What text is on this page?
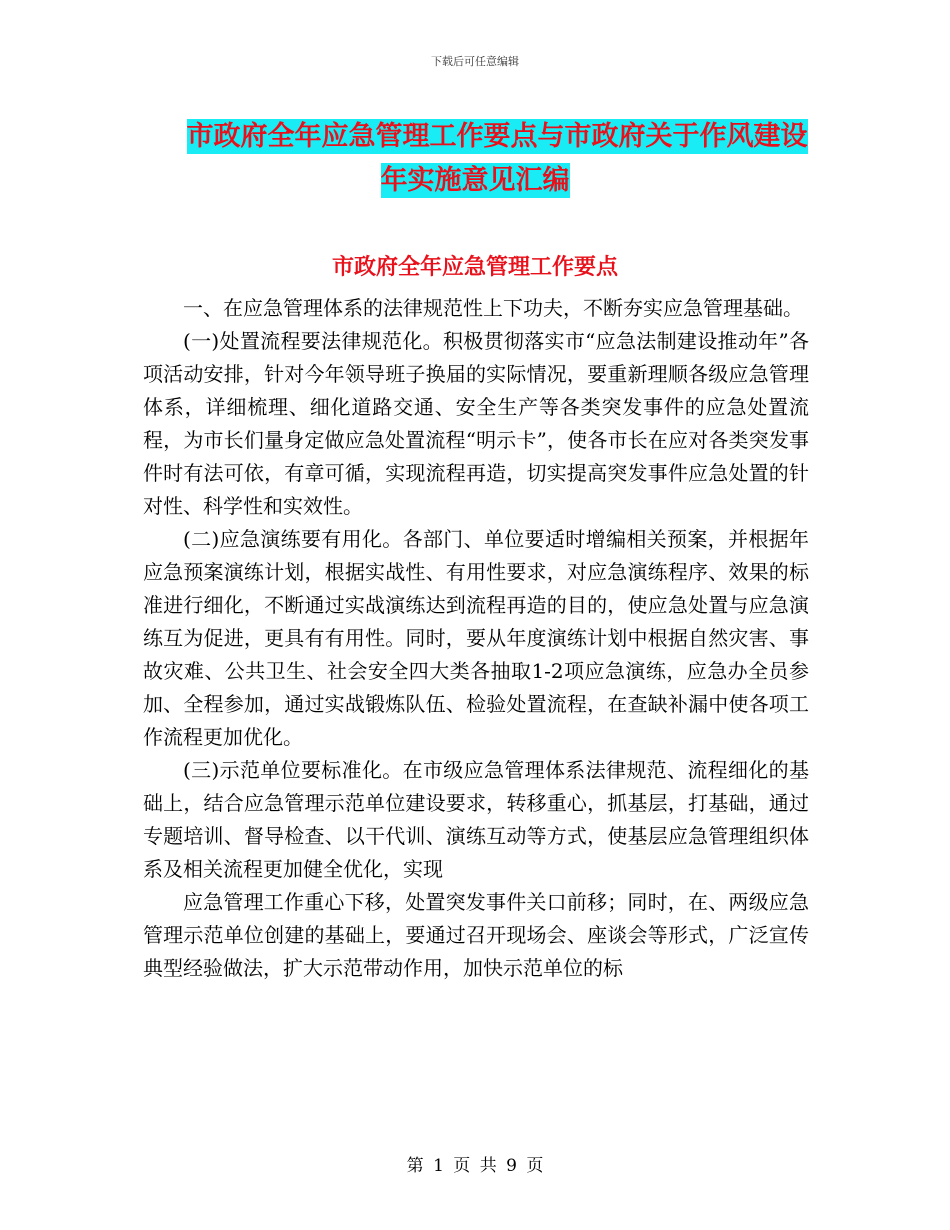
下载后可任意编辑
市政府全年应急管理工作要点与市政府关于作风建设
年实施意见汇编
市政府全年应急管理工作要点

一、在应急管理体系的法律规范性上下功夫，不断夯实应急管理基础。

(一)处置流程要法律规范化。积极贯彻落实市“应急法制建设推动年”各项活动安排，针对今年领导班子换届的实际情况，要重新理顺各级应急管理体系，详细梳理、细化道路交通、安全生产等各类突发事件的应急处置流程，为市长们量身定做应急处置流程“明示卡”，使各市长在应对各类突发事件时有法可依，有章可循，实现流程再造，切实提高突发事件应急处置的针对性、科学性和实效性。

(二)应急演练要有用化。各部门、单位要适时增编相关预案，并根据年应急预案演练计划，根据实战性、有用性要求，对应急演练程序、效果的标准进行细化，不断通过实战演练达到流程再造的目的，使应急处置与应急演练互为促进，更具有有用性。同时，要从年度演练计划中根据自然灾害、事故灾难、公共卫生、社会安全四大类各抽取1-2项应急演练，应急办全员参加、全程参加，通过实战锻炼队伍、检验处置流程，在查缺补漏中使各项工作流程更加优化。

(三)示范单位要标准化。在市级应急管理体系法律规范、流程细化的基础上，结合应急管理示范单位建设要求，转移重心，抓基层，打基础，通过专题培训、督导检查、以干代训、演练互动等方式，使基层应急管理组织体系及相关流程更加健全优化，实现

应急管理工作重心下移，处置突发事件关口前移；同时，在、两级应急管理示范单位创建的基础上，要通过召开现场会、座谈会等形式，广泛宣传典型经验做法，扩大示范带动作用，加快示范单位的标

第 1 页 共 9 页
